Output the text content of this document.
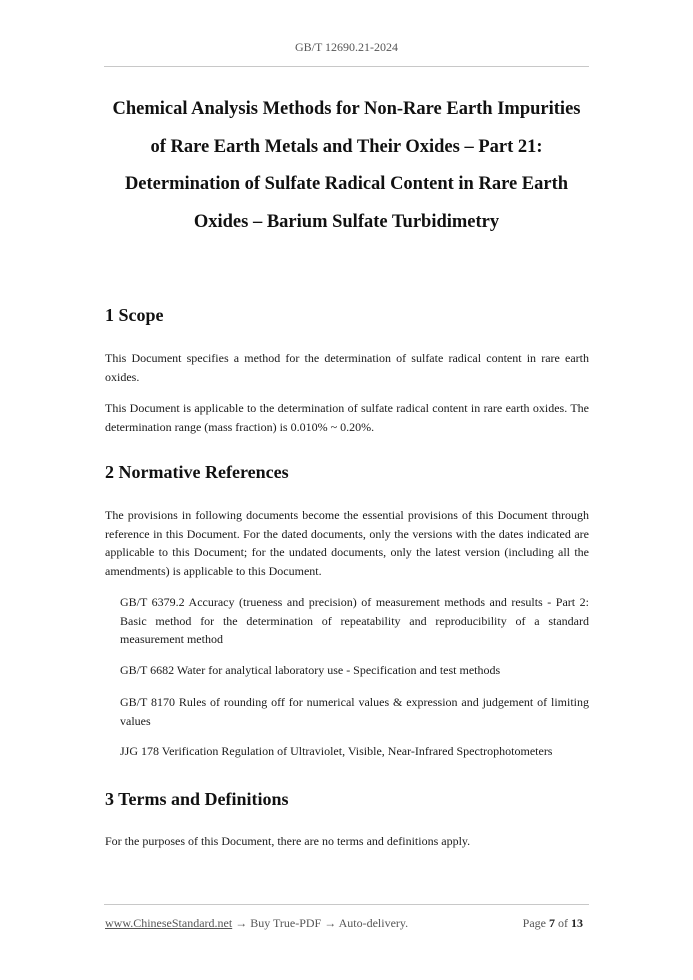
GB/T 12690.21-2024
Chemical Analysis Methods for Non-Rare Earth Impurities
of Rare Earth Metals and Their Oxides – Part 21:
Determination of Sulfate Radical Content in Rare Earth
Oxides – Barium Sulfate Turbidimetry
1 Scope

This Document specifies a method for the determination of sulfate radical content in rare earth oxides.

This Document is applicable to the determination of sulfate radical content in rare earth oxides. The determination range (mass fraction) is 0.010% ~ 0.20%.

2 Normative References

The provisions in following documents become the essential provisions of this Document through reference in this Document. For the dated documents, only the versions with the dates indicated are applicable to this Document; for the undated documents, only the latest version (including all the amendments) is applicable to this Document.

GB/T 6379.2 Accuracy (trueness and precision) of measurement methods and results - Part 2: Basic method for the determination of repeatability and reproducibility of a standard measurement method
GB/T 6682 Water for analytical laboratory use - Specification and test methods
GB/T 8170 Rules of rounding off for numerical values & expression and judgement of limiting values
JJG 178 Verification Regulation of Ultraviolet, Visible, Near-Infrared Spectrophotometers
3 Terms and Definitions

For the purposes of this Document, there are no terms and definitions apply.

www.ChineseStandard.net → Buy True-PDF → Auto-delivery.	Page 7 of 13
